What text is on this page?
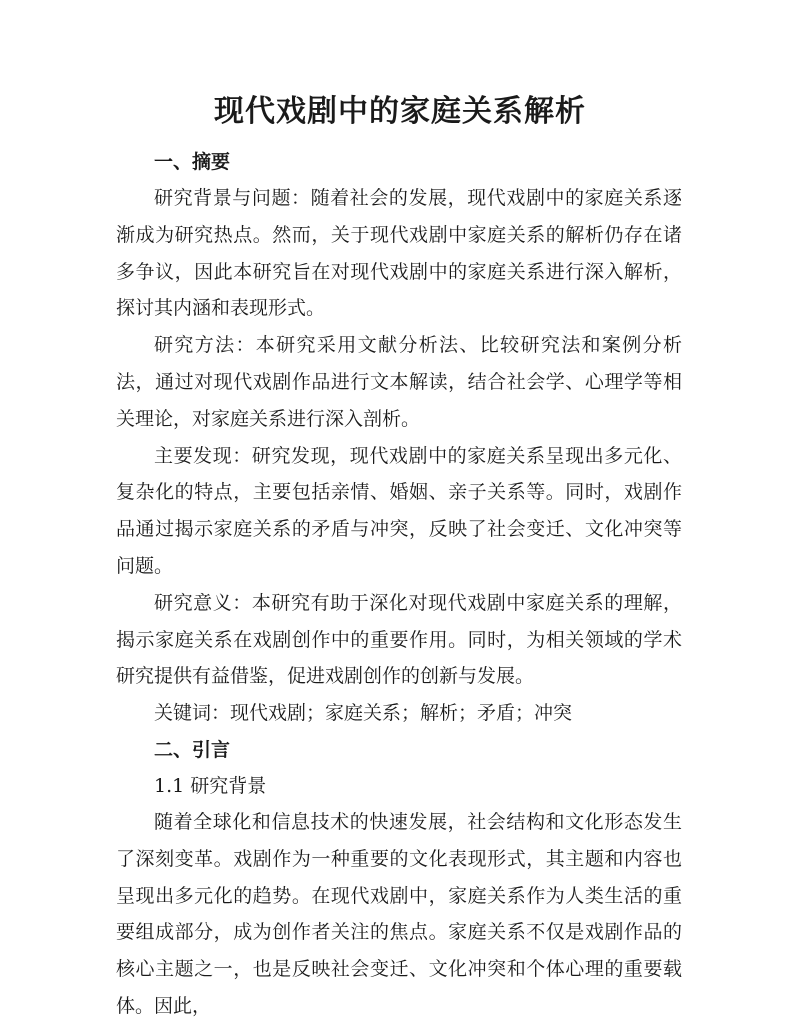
现代戏剧中的家庭关系解析
一、摘要
研究背景与问题：随着社会的发展，现代戏剧中的家庭关系逐渐成为研究热点。然而，关于现代戏剧中家庭关系的解析仍存在诸多争议，因此本研究旨在对现代戏剧中的家庭关系进行深入解析，探讨其内涵和表现形式。
研究方法：本研究采用文献分析法、比较研究法和案例分析法，通过对现代戏剧作品进行文本解读，结合社会学、心理学等相关理论，对家庭关系进行深入剖析。
主要发现：研究发现，现代戏剧中的家庭关系呈现出多元化、复杂化的特点，主要包括亲情、婚姻、亲子关系等。同时，戏剧作品通过揭示家庭关系的矛盾与冲突，反映了社会变迁、文化冲突等问题。
研究意义：本研究有助于深化对现代戏剧中家庭关系的理解，揭示家庭关系在戏剧创作中的重要作用。同时，为相关领域的学术研究提供有益借鉴，促进戏剧创作的创新与发展。
关键词：现代戏剧；家庭关系；解析；矛盾；冲突
二、引言
1.1 研究背景
随着全球化和信息技术的快速发展，社会结构和文化形态发生了深刻变革。戏剧作为一种重要的文化表现形式，其主题和内容也呈现出多元化的趋势。在现代戏剧中，家庭关系作为人类生活的重要组成部分，成为创作者关注的焦点。家庭关系不仅是戏剧作品的核心主题之一，也是反映社会变迁、文化冲突和个体心理的重要载体。因此，
